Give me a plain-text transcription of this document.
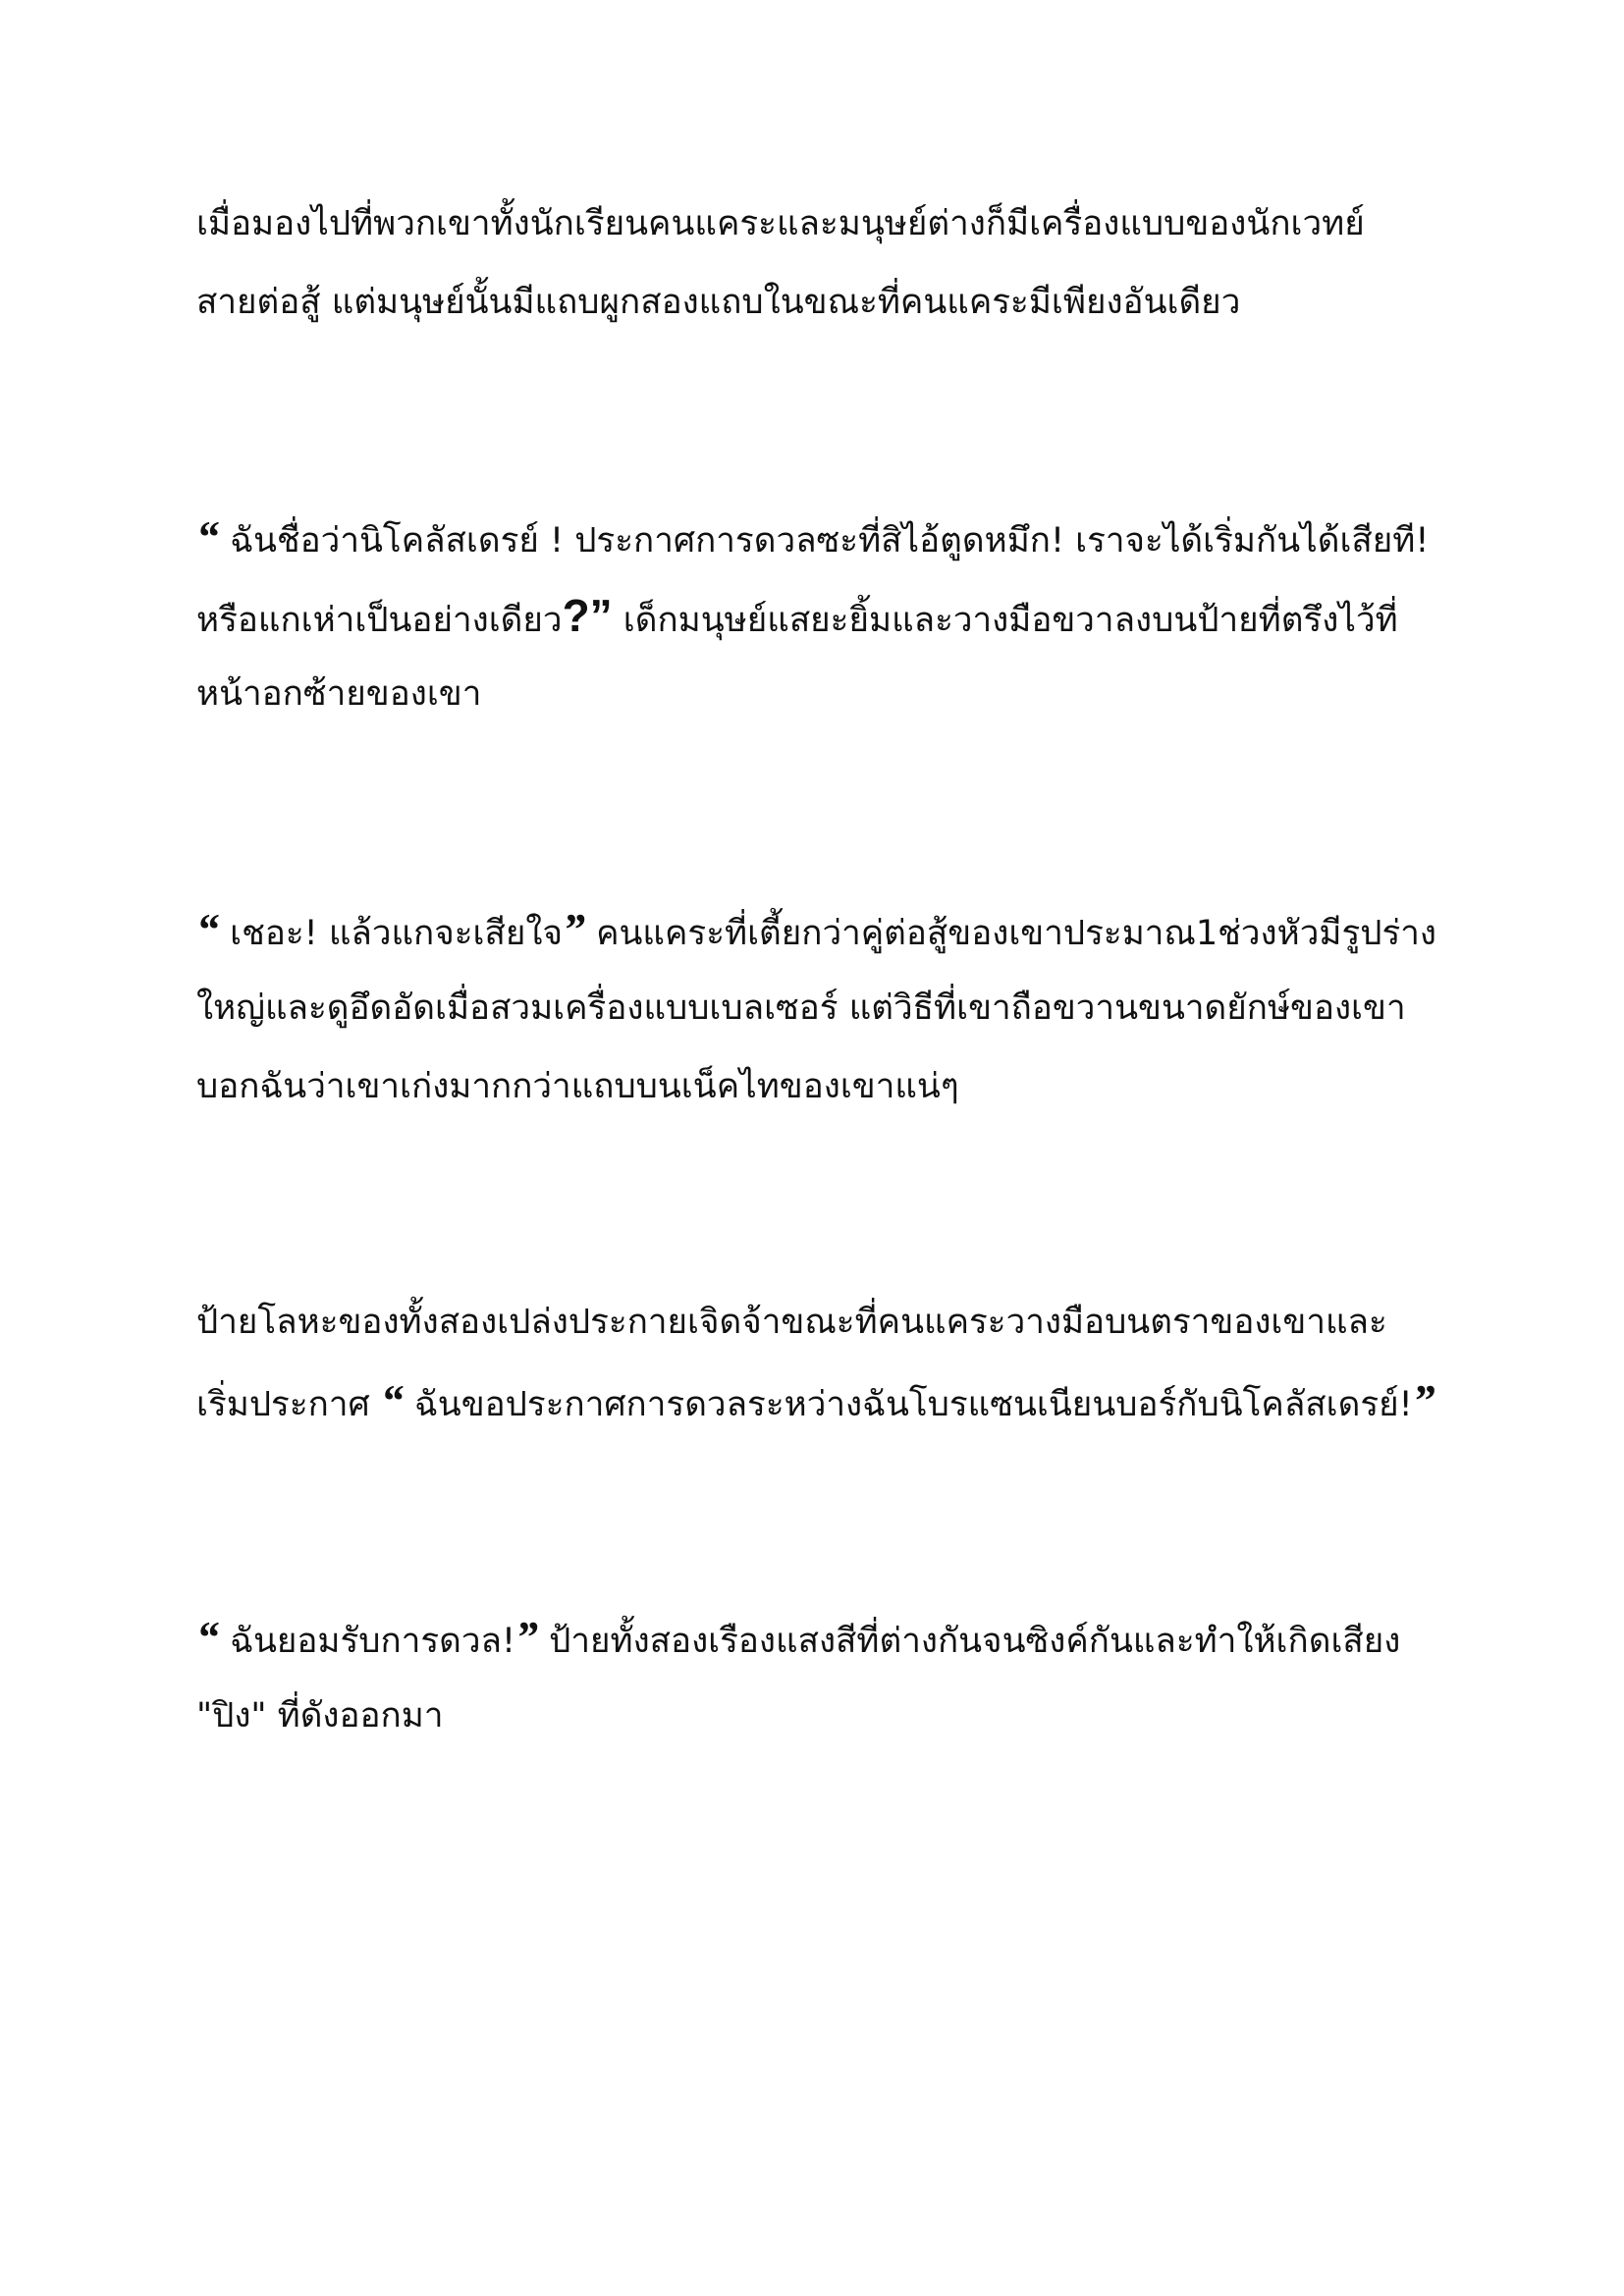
เมื่อมองไปที่พวกเขาทั้งนักเรียนคนแคระและมนุษย์ต่างก็มีเครื่องแบบของนักเวทย์
สายต่อสู้ แต่มนุษย์นั้นมีแถบผูกสองแถบในขณะที่คนแคระมีเพียงอันเดียว

“ ฉันชื่อว่านิโคลัสเดรย์ ! ประกาศการดวลซะที่สิไอ้ตูดหมึก! เราจะได้เริ่มกันได้เสียที!
หรือแกเห่าเป็นอย่างเดียว?” เด็กมนุษย์แสยะยิ้มและวางมือขวาลงบนป้ายที่ตรึงไว้ที่
หน้าอกซ้ายของเขา

“ เชอะ! แล้วแกจะเสียใจ” คนแคระที่เตี้ยกว่าคู่ต่อสู้ของเขาประมาณ1ช่วงหัวมีรูปร่าง
ใหญ่และดูอึดอัดเมื่อสวมเครื่องแบบเบลเซอร์ แต่วิธีที่เขาถือขวานขนาดยักษ์ของเขา
บอกฉันว่าเขาเก่งมากกว่าแถบบนเน็คไทของเขาแน่ๆ

ป้ายโลหะของทั้งสองเปล่งประกายเจิดจ้าขณะที่คนแคระวางมือบนตราของเขาและ
เริ่มประกาศ “ ฉันขอประกาศการดวลระหว่างฉันโบรแซนเนียนบอร์กับนิโคลัสเดรย์!”

“ ฉันยอมรับการดวล!” ป้ายทั้งสองเรืองแสงสีที่ต่างกันจนซิงค์กันและทำให้เกิดเสียง
"ปิง" ที่ดังออกมา
